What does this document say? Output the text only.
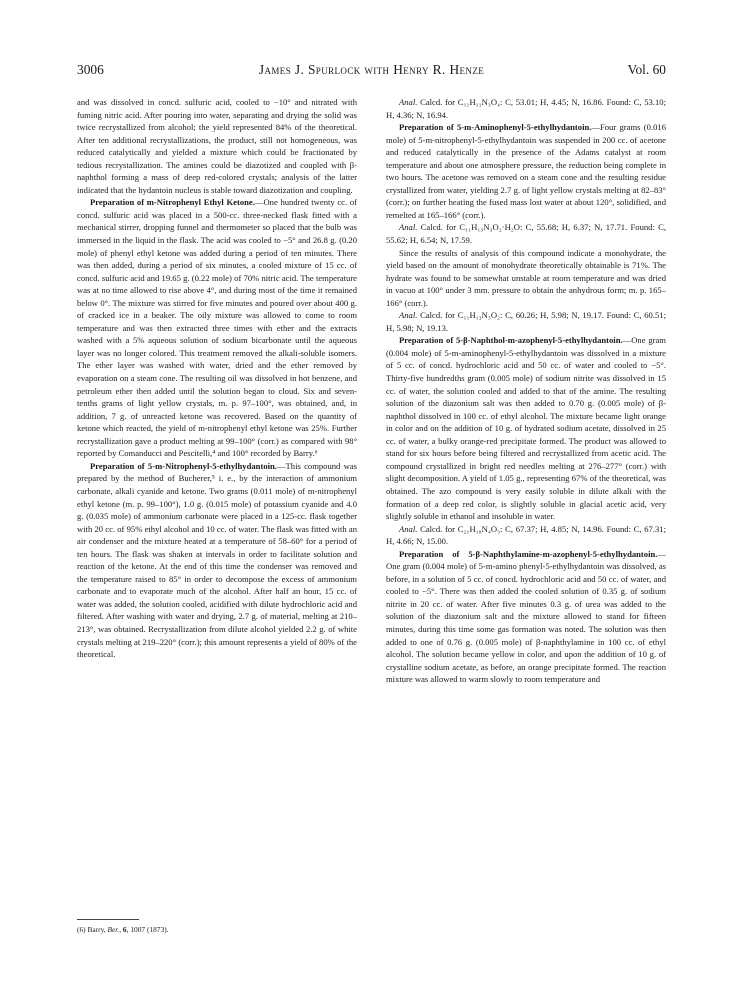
3006	James J. Spurlock with Henry R. Henze	Vol. 60

and was dissolved in concd. sulfuric acid, cooled to −10° and nitrated with fuming nitric acid. After pouring into water, separating and drying the solid was twice recrystallized from alcohol; the yield represented 84% of the theoretical. After ten additional recrystallizations, the product, still not homogeneous, was reduced catalytically and yielded a mixture which could be fractionated by tedious recrystallization. The amines could be diazotized and coupled with β-naphthol forming a mass of deep red-colored crystals; analysis of the latter indicated that the hydantoin nucleus is stable toward diazotization and coupling.

Preparation of m-Nitrophenyl Ethyl Ketone.—One hundred twenty cc. of concd. sulfuric acid was placed in a 500-cc. three-necked flask fitted with a mechanical stirrer, dropping funnel and thermometer so placed that the bulb was immersed in the liquid in the flask. The acid was cooled to −5° and 26.8 g. (0.20 mole) of phenyl ethyl ketone was added during a period of ten minutes. There was then added, during a period of six minutes, a cooled mixture of 15 cc. of concd. sulfuric acid and 19.65 g. (0.22 mole) of 70% nitric acid. The temperature was at no time allowed to rise above 4°, and during most of the time it remained below 0°. The mixture was stirred for five minutes and poured over about 400 g. of cracked ice in a beaker. The oily mixture was allowed to come to room temperature and was then extracted three times with ether and the extracts washed with a 5% aqueous solution of sodium bicarbonate until the aqueous layer was no longer colored. This treatment removed the alkali-soluble isomers. The ether layer was washed with water, dried and the ether removed by evaporation on a steam cone. The resulting oil was dissolved in hot benzene, and petroleum ether then added until the solution began to cloud. Six and seven-tenths grams of light yellow crystals, m. p. 97–100°, was obtained, and, in addition, 7 g. of unreacted ketone was recovered. Based on the quantity of ketone which reacted, the yield of m-nitrophenyl ethyl ketone was 25%. Further recrystallization gave a product melting at 99–100° (corr.) as compared with 98° reported by Comanducci and Pescitelli,⁴ and 100° recorded by Barry.⁶

Preparation of 5-m-Nitrophenyl-5-ethylhydantoin.—This compound was prepared by the method of Bucherer,⁵ i. e., by the interaction of ammonium carbonate, alkali cyanide and ketone. Two grams (0.011 mole) of m-nitrophenyl ethyl ketone (m. p. 99–100°), 1.0 g. (0.015 mole) of potassium cyanide and 4.0 g. (0.035 mole) of ammonium carbonate were placed in a 125-cc. flask together with 20 cc. of 95% ethyl alcohol and 10 cc. of water. The flask was fitted with an air condenser and the mixture heated at a temperature of 58–60° for a period of ten hours. The flask was shaken at intervals in order to facilitate solution and reaction of the ketone. At the end of this time the condenser was removed and the temperature raised to 85° in order to decompose the excess of ammonium carbonate and to evaporate much of the alcohol. After half an hour, 15 cc. of water was added, the solution cooled, acidified with dilute hydrochloric acid and filtered. After washing with water and drying, 2.7 g. of material, melting at 210–213°, was obtained. Recrystallization from dilute alcohol yielded 2.2 g. of white crystals melting at 219–220° (corr.); this amount represents a yield of 80% of the theoretical.

Anal. Calcd. for C₁₁H₁₁N₃O₄: C, 53.01; H, 4.45; N, 16.86. Found: C, 53.10; H, 4.36; N, 16.94.

Preparation of 5-m-Aminophenyl-5-ethylhydantoin.—Four grams (0.016 mole) of 5-m-nitrophenyl-5-ethylhydantoin was suspended in 200 cc. of acetone and reduced catalytically in the presence of the Adams catalyst at room temperature and about one atmosphere pressure, the reduction being complete in two hours. The acetone was removed on a steam cone and the resulting residue crystallized from water, yielding 2.7 g. of light yellow crystals melting at 82–83° (corr.); on further heating the fused mass lost water at about 120°, solidified, and remelted at 165–166° (corr.).

Anal. Calcd. for C₁₁H₁₃N₃O₂·H₂O: C, 55.68; H, 6.37; N, 17.71. Found: C, 55.62; H, 6.54; N, 17.59.

Since the results of analysis of this compound indicate a monohydrate, the yield based on the amount of monohydrate theoretically obtainable is 71%. The hydrate was found to be somewhat unstable at room temperature and was dried in vacuo at 100° under 3 mm. pressure to obtain the anhydrous form; m. p. 165–166° (corr.).

Anal. Calcd. for C₁₁H₁₃N₃O₂: C, 60.26; H, 5.98; N, 19.17. Found: C, 60.51; H, 5.98; N, 19.13.

Preparation of 5-β-Naphthol-m-azophenyl-5-ethylhydantoin.—One gram (0.004 mole) of 5-m-aminophenyl-5-ethylhydantoin was dissolved in a mixture of 5 cc. of concd. hydrochloric acid and 50 cc. of water and cooled to −5°. Thirty-five hundredths gram (0.005 mole) of sodium nitrite was dissolved in 15 cc. of water, the solution cooled and added to that of the amine. The resulting solution of the diazonium salt was then added to 0.70 g. (0.005 mole) of β-naphthol dissolved in 100 cc. of ethyl alcohol. The mixture became light orange in color and on the addition of 10 g. of hydrated sodium acetate, dissolved in 25 cc. of water, a bulky orange-red precipitate formed. The product was allowed to stand for six hours before being filtered and recrystallized from acetic acid. The compound crystallized in bright red needles melting at 276–277° (corr.) with slight decomposition. A yield of 1.05 g., representing 67% of the theoretical, was obtained. The azo compound is very easily soluble in dilute alkali with the formation of a deep red color, is slightly soluble in glacial acetic acid, very slightly soluble in ethanol and insoluble in water.

Anal. Calcd. for C₂₁H₁₈N₄O₃: C, 67.37; H, 4.85; N, 14.96. Found: C, 67.31; H, 4.66; N, 15.00.

Preparation of 5-β-Naphthylamine-m-azophenyl-5-ethylhydantoin.—One gram (0.004 mole) of 5-m-amino phenyl-5-ethylhydantoin was dissolved, as before, in a solution of 5 cc. of concd. hydrochloric acid and 50 cc. of water, and cooled to −5°. There was then added the cooled solution of 0.35 g. of sodium nitrite in 20 cc. of water. After five minutes 0.3 g. of urea was added to the solution of the diazonium salt and the mixture allowed to stand for fifteen minutes, during this time some gas formation was noted. The solution was then added to one of 0.76 g. (0.005 mole) of β-naphthylamine in 100 cc. of ethyl alcohol. The solution became yellow in color, and upon the addition of 10 g. of crystalline sodium acetate, as before, an orange precipitate formed. The reaction mixture was allowed to warm slowly to room temperature and

(6) Barry, Ber., 6, 1007 (1873).
